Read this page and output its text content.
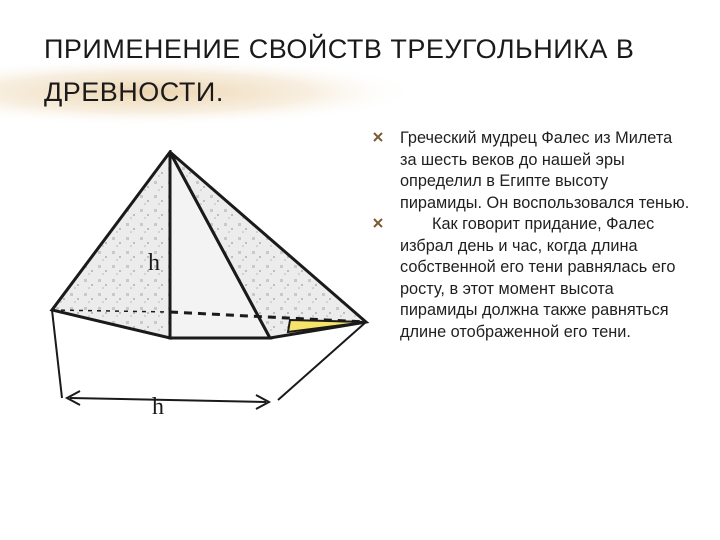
ПРИМЕНЕНИЕ СВОЙСТВ ТРЕУГОЛЬНИКА В ДРЕВНОСТИ.
h
h
Греческий мудрец Фалес из Милета за шесть веков до нашей эры определил в Египте высоту пирамиды. Он воспользовался тенью.
Как говорит придание, Фалес избрал день и час, когда длина собственной его тени равнялась его росту, в этот момент высота пирамиды должна также равняться длине отображенной его тени.
